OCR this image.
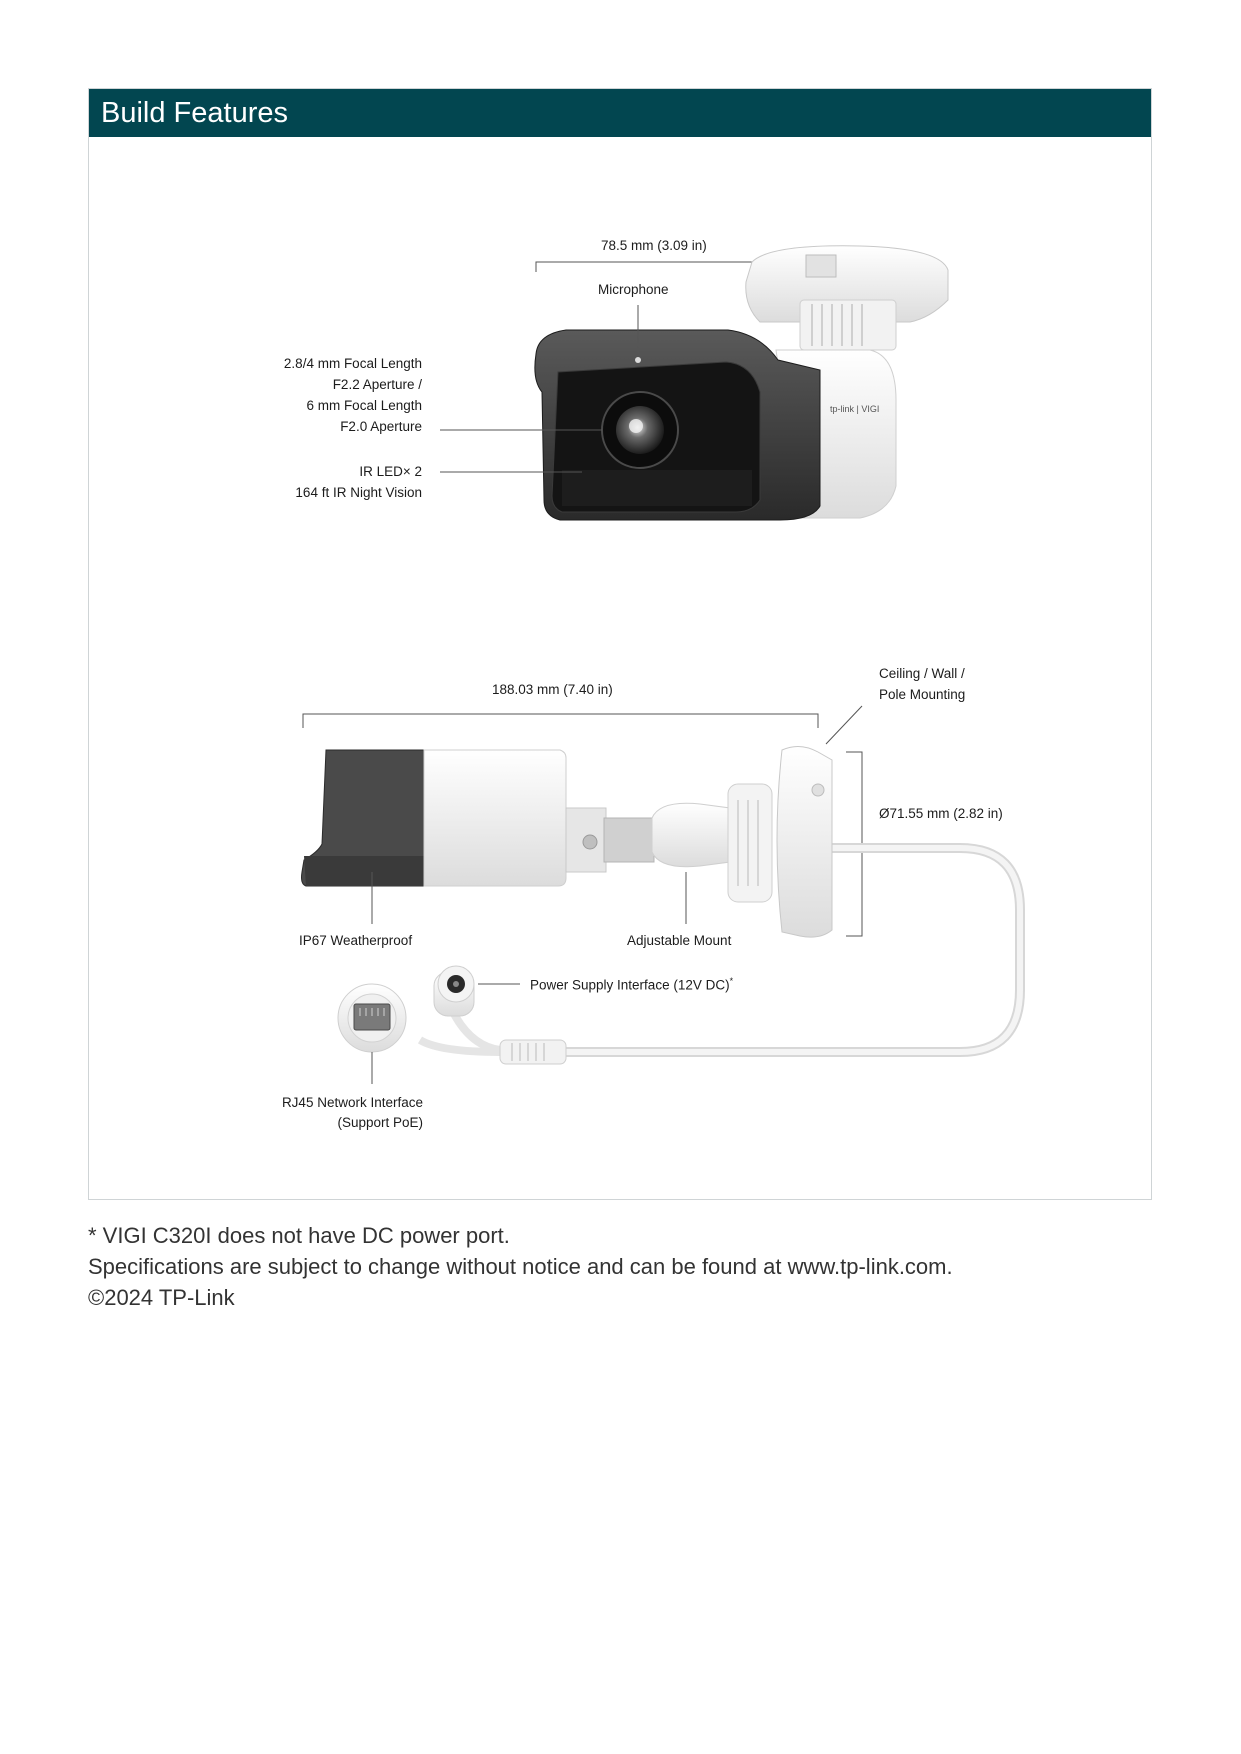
Build Features
tp-link | VIGI
78.5 mm (3.09 in)
Microphone
2.8/4 mm Focal Length
F2.2 Aperture /
6 mm Focal Length
F2.0 Aperture
IR LED× 2
164 ft IR Night Vision
188.03 mm (7.40 in)
Ceiling / Wall /
Pole Mounting
Ø71.55 mm (2.82 in)
IP67 Weatherproof	Adjustable Mount
Power Supply Interface (12V DC)*
RJ45 Network Interface
(Support PoE)
* VIGI C320I does not have DC power port.
Specifications are subject to change without notice and can be found at www.tp-link.com.
©2024 TP-Link
